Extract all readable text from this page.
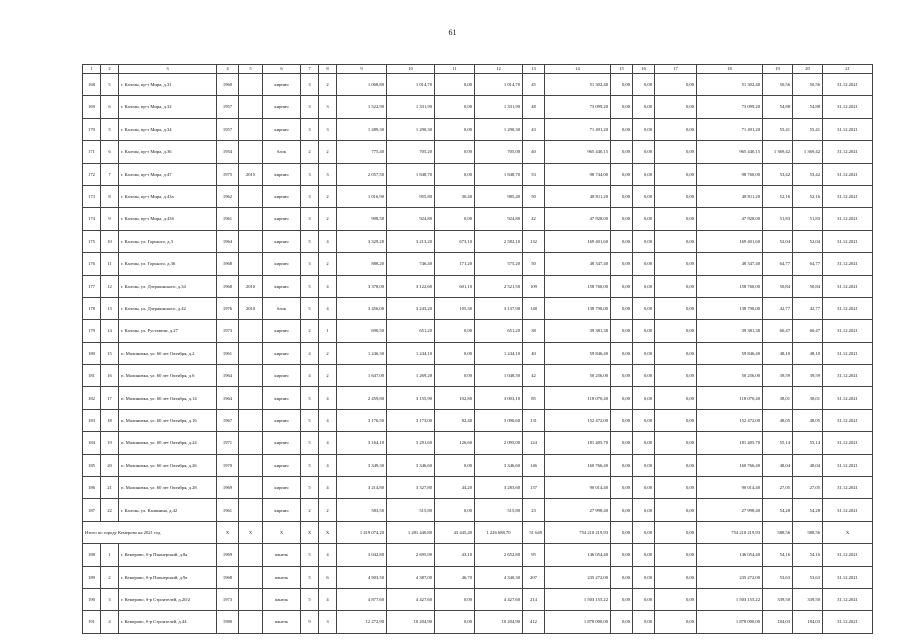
61
1	2	3	4	5	6	7	8	9	10	11	12	13	14	15	16	17	18	19	20	21
168	5	г. Калтан, пр-т Мира, д.31	1960		кирпич	3	2	1 068,80	1 014,70	0,00	1 014,70	45	51 302,40	0,00	0,00	0,00	51 302,40	50,56	50,56	31.12.2021
169	6	г. Калтан, пр-т Мира, д.32	1957		кирпич	3	3	1 522,90	1 331,90	0,00	1 331,90	48	73 099,20	0,00	0,00	0,00	73 099,20	54,88	54,88	31.12.2021
170	5	г. Калтан, пр-т Мира, д.34	1957		кирпич	3	3	1 489,30	1 290,30	0,00	1 290,30	43	71 491,20	0,00	0,00	0,00	71 491,20	55,41	55,41	31.12.2021
171	6	г. Калтан, пр-т Мира, д.36	1954		блок	2	2	775,40	705,20	0,00	705,00	40	965 440,15	0,00	0,00	0,00	965 440,15	1 369,42	1 369,42	31.12.2021
172	7	г. Калтан, пр-т Мира, д.47	1975	2015	кирпич	3	3	2 057,50	1 848,70	0,00	1 848,70	53	98 744,00	0,00	0,00	0,00	98 760,00	53,42	53,42	31.12.2021
173	8	г. Калтан, пр-т Мира, д.43а	1962		кирпич	3	2	1 016,90	955,80	30,40	985,40	50	48 811,20	0,00	0,00	0,00	48 811,20	52,16	52,16	31.12.2021
174	9	г. Калтан, пр-т Мира, д.43б	1961		кирпич	3	2	998,50	924,80	0,00	924,80	42	47 928,00	0,00	0,00	0,00	47 928,00	51,83	51,83	31.12.2021
175	10	г. Калтан, ул. Горького, д.3	1964		кирпич	5	4	3 329,20	3 213,20	673,10	2 582,10	132	169 401,60	0,00	0,00	0,00	169 401,60	52,04	52,04	31.12.2021
176	11	г. Калтан, ул. Горького, д.36	1968		кирпич	3	2	888,20	746,40	171,20	575,20	50	48 347,40	0,00	0,00	0,00	48 347,40	64,77	64,77	31.12.2021
177	12	г. Калтан, ул. Дзержинского, д.34	1968	2010	кирпич	5	4	3 378,00	3 122,60	601,10	2 521,50	109	158 760,00	0,00	0,00	0,00	158 760,00	50,84	50,84	31.12.2021
178	13	г. Калтан, ул. Дзержинского, д.42	1976	2010	блок	5	4	3 456,00	3 243,20	105,30	3 137,90	148	138 790,00	0,00	0,00	0,00	138 790,00	42,77	42,77	31.12.2021
179	14	г. Калтан, ул. Руставели, д.27	1973		кирпич	2	1	690,50	651,20	0,00	651,20	38	39 381,30	0,00	0,00	0,00	39 381,30	60,47	60,47	31.12.2021
180	15	п. Малиновка, ул. 60 лет Октября, д.2	1961		кирпич	4	2	1 246,30	1 244,10	0,00	1 244,10	40	59 846,40	0,00	0,00	0,00	59 846,40	48,10	48,10	31.12.2021
181	16	п. Малиновка, ул. 60 лет Октября, д.6	1964		кирпич	4	2	1 647,00	1 269,28	0,00	1 048,50	42	50 256,00	0,00	0,00	0,00	50 256,00	39,59	39,59	31.12.2021
182	17	п. Малиновка, ул. 60 лет Октября, д.14	1964		кирпич	5	4	2 459,80	3 155,90	102,80	3 003,10	85	118 070,40	0,00	0,00	0,00	118 070,40	38,01	38,01	31.12.2021
183	18	п. Малиновка, ул. 60 лет Октября, д.16	1967		кирпич	5	4	3 176,50	3 173,00	82,40	3 090,60	131	152 472,00	0,00	0,00	0,00	152 472,00	48,05	48,05	31.12.2021
184	19	п. Малиновка, ул. 60 лет Октября, д.24	1971		кирпич	5	4	3 164,10	3 291,60	126,60	2 095,00	124	181 405,70	0,00	0,00	0,00	181 405,70	55,14	55,14	31.12.2021
185	20	п. Малиновка, ул. 60 лет Октября, д.26	1970		кирпич	5	4	3 349,30	3 346,60	0,00	3 346,60	146	160 766,40	0,00	0,00	0,00	160 766,40	48,04	48,04	31.12.2021
186	21	п. Малиновка, ул. 60 лет Октября, д.28	1969		кирпич	5	4	3 214,80	3 327,80	44,20	3 283,60	137	90 014,40	0,00	0,00	0,00	90 014,40	27,05	27,05	31.12.2021
187	22	г. Калтан, ул. Калинина, д.42	1961		кирпич	2	2	583,50	515,80	0,00	515,80	23	27 998,40	0,00	0,00	0,00	27 998,40	54,28	54,28	31.12.2021
Итого по городу Кемерово на 2021 год			X	X	X	X	X	1 419 074,20	1 281 440,80	43 445,40	1 226 688,70	51 649	754 210 219,93	0,00	0,00	0,00	754 210 219,93	588,56	588,56	X
188	1	г. Кемерово, б-р Пионерский, д.8а	1969		панель	5	4	3 042,80	2 695,90	43,10	2 652,80	95	146 054,40	0,00	0,00	0,00	146 054,40	54,16	54,16	31.12.2021
189	2	г. Кемерово, б-р Пионерский, д.9а	1968		панель	5	6	4 903,50	4 387,00	46,70	4 340,30	207	235 272,00	0,00	0,00	0,00	235 272,00	53,63	53,63	31.12.2021
190	3	г. Кемерово, б-р Строителей, д.20/2	1973		панель	5	4	4 877,60	4 427,60	0,00	4 427,60	214	1 503 155,22	0,00	0,00	0,00	1 503 155,22	339,50	339,50	31.12.2021
191	4	г. Кемерово, б-р Строителей, д.44	1980		панель	9	3	12 272,90	10 204,90	0,00	10 204,90	412	1 878 000,00	0,00	0,00	0,00	1 878 000,00	184,03	184,03	31.12.2021
